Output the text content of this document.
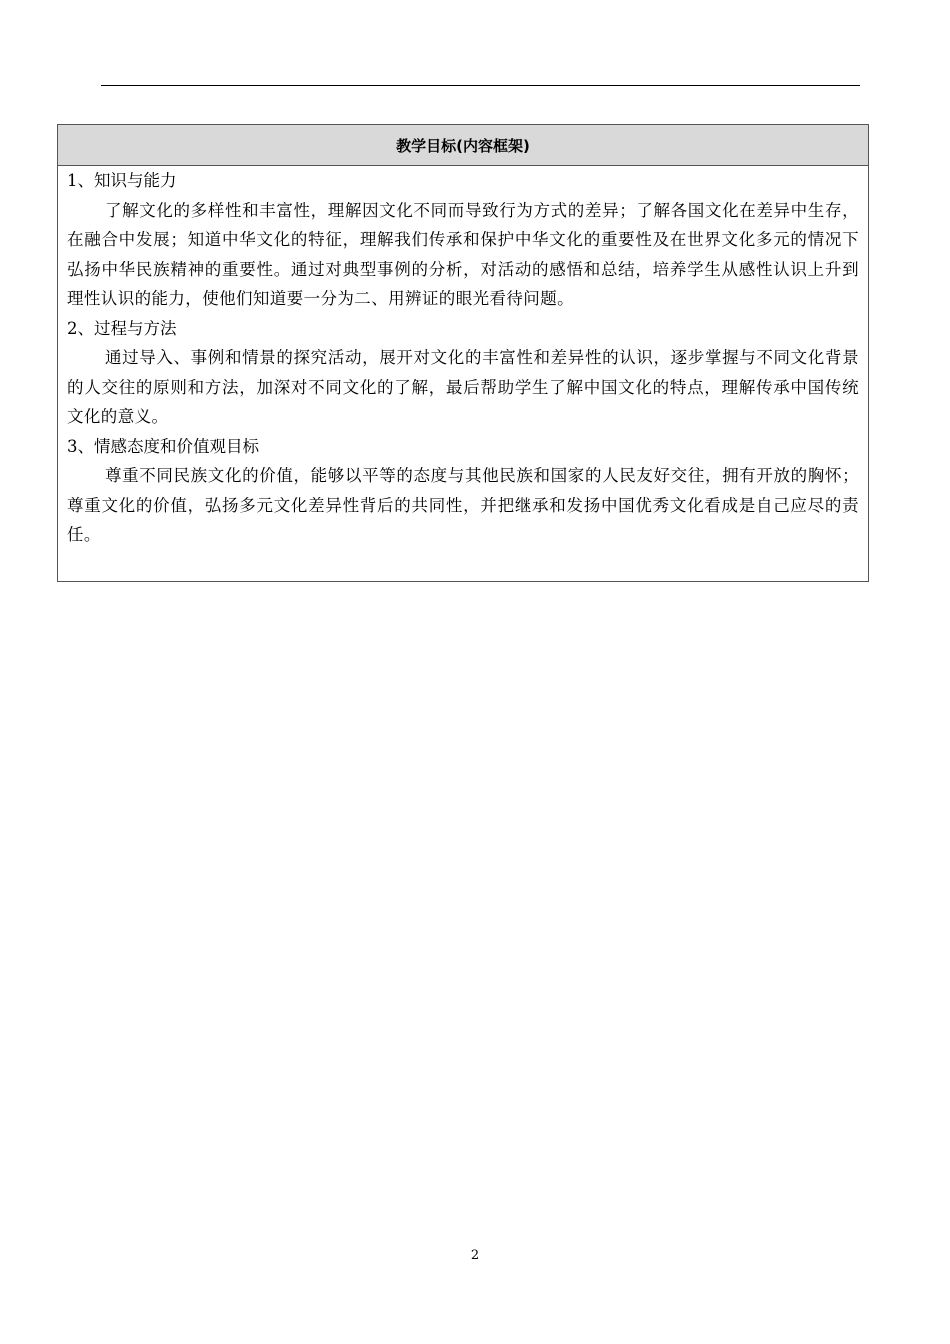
教学目标(内容框架)

1、知识与能力

了解文化的多样性和丰富性，理解因文化不同而导致行为方式的差异；了解各国文化在差异中生存，在融合中发展；知道中华文化的特征，理解我们传承和保护中华文化的重要性及在世界文化多元的情况下弘扬中华民族精神的重要性。通过对典型事例的分析，对活动的感悟和总结，培养学生从感性认识上升到理性认识的能力，使他们知道要一分为二、用辨证的眼光看待问题。

2、过程与方法

通过导入、事例和情景的探究活动，展开对文化的丰富性和差异性的认识，逐步掌握与不同文化背景的人交往的原则和方法，加深对不同文化的了解，最后帮助学生了解中国文化的特点，理解传承中国传统文化的意义。

3、情感态度和价值观目标

尊重不同民族文化的价值，能够以平等的态度与其他民族和国家的人民友好交往，拥有开放的胸怀；尊重文化的价值，弘扬多元文化差异性背后的共同性，并把继承和发扬中国优秀文化看成是自己应尽的责任。

2
